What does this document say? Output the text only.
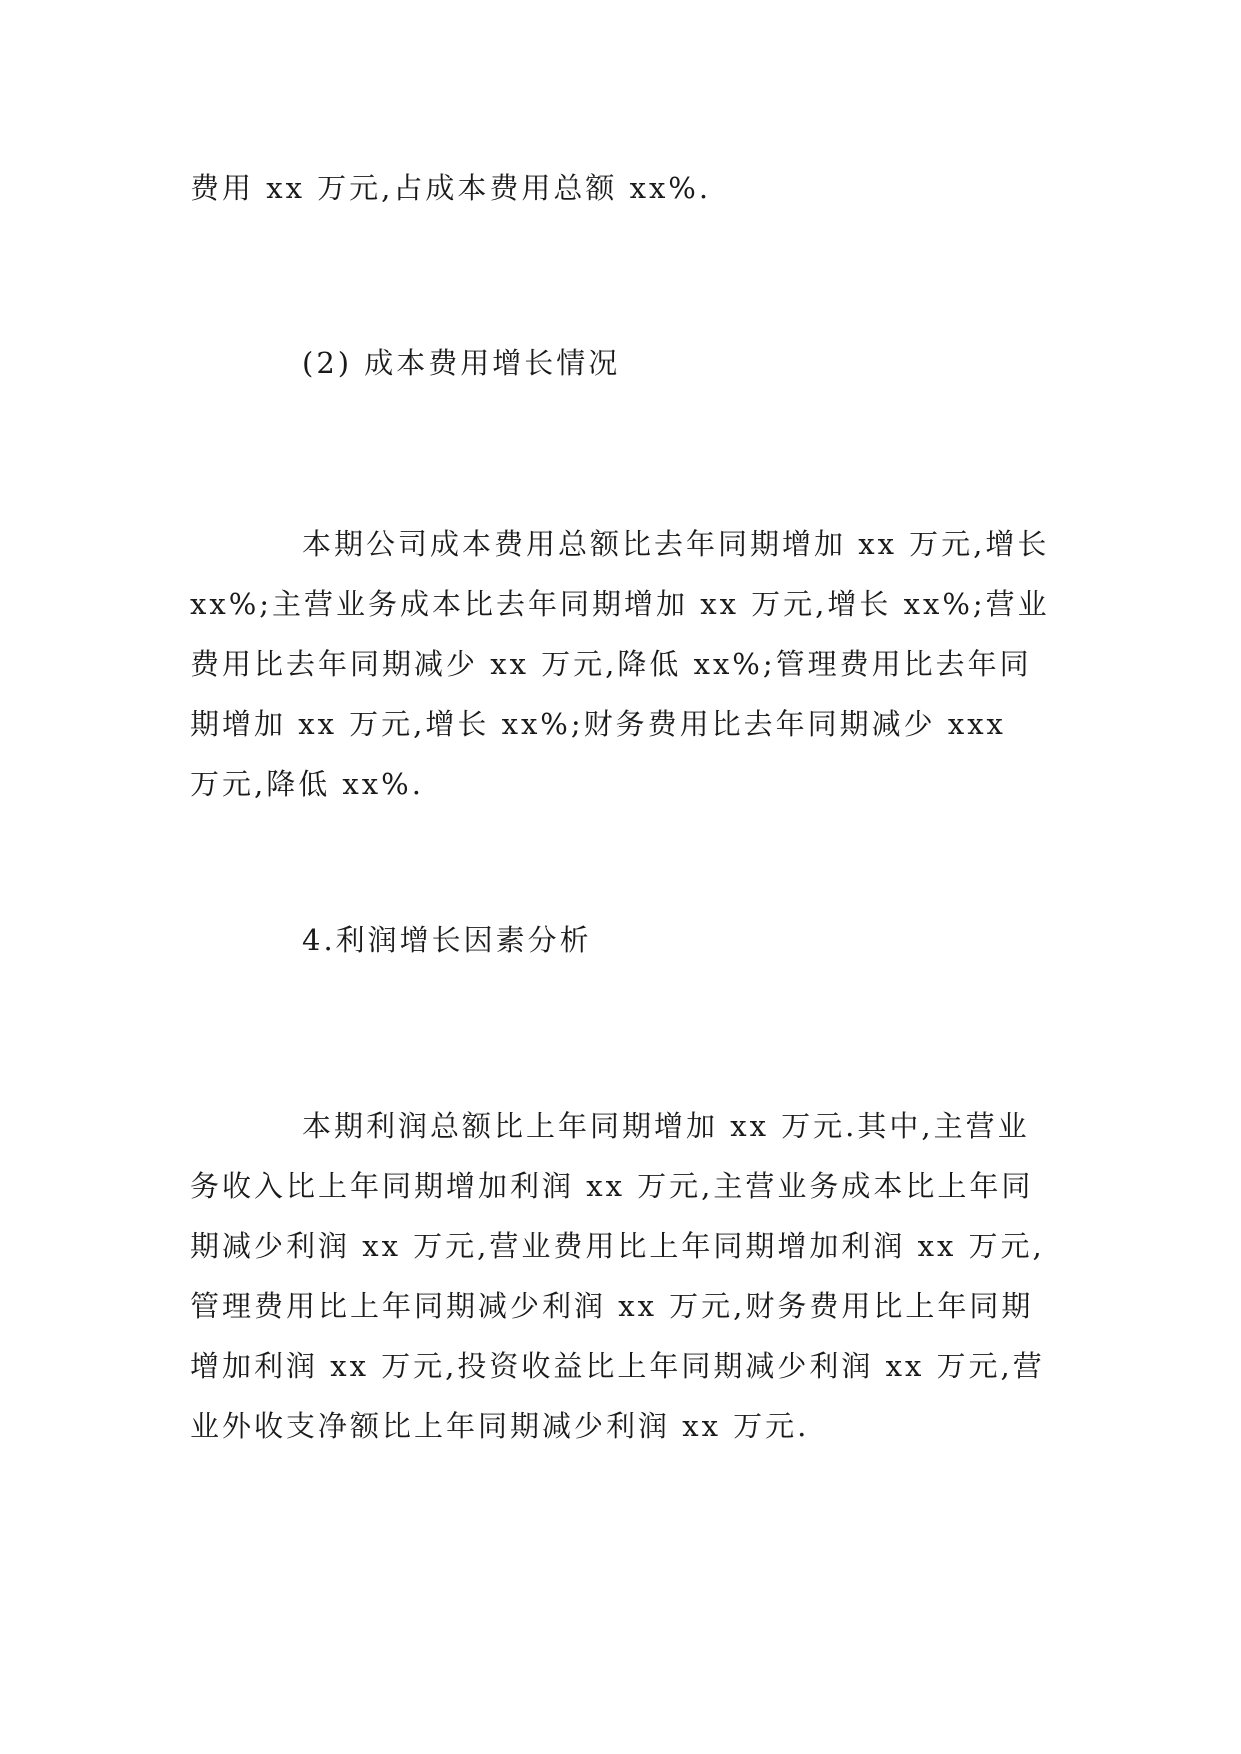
费用 xx 万元,占成本费用总额 xx%.

(2) 成本费用增长情况

本期公司成本费用总额比去年同期增加 xx 万元,增长 xx%;主营业务成本比去年同期增加 xx 万元,增长 xx%;营业费用比去年同期减少 xx 万元,降低 xx%;管理费用比去年同期增加 xx 万元,增长 xx%;财务费用比去年同期减少 xxx 万元,降低 xx%.

4.利润增长因素分析

本期利润总额比上年同期增加 xx 万元.其中,主营业务收入比上年同期增加利润 xx 万元,主营业务成本比上年同期减少利润 xx 万元,营业费用比上年同期增加利润 xx 万元,管理费用比上年同期减少利润 xx 万元,财务费用比上年同期增加利润 xx 万元,投资收益比上年同期减少利润 xx 万元,营业外收支净额比上年同期减少利润 xx 万元.
